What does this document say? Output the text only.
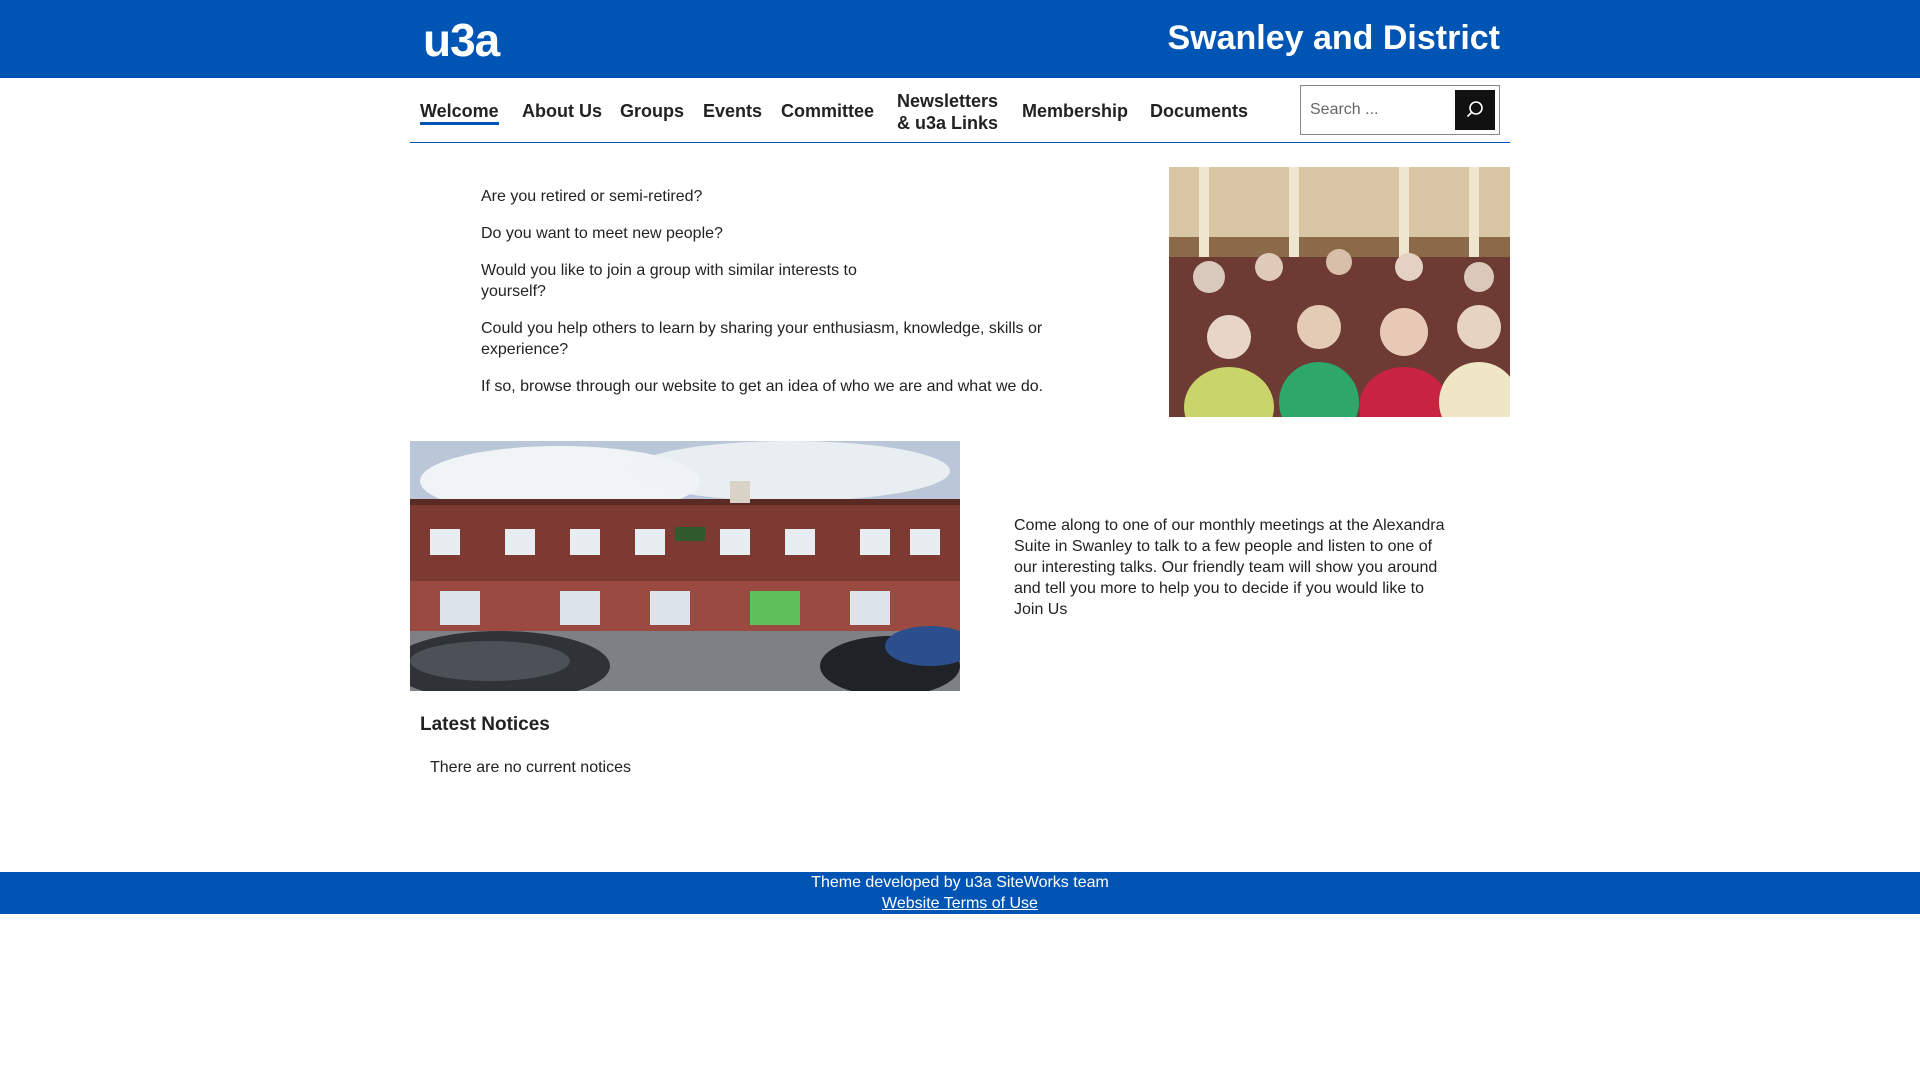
u3a	Swanley and District
Welcome About Us Groups Events Committee Newsletters
& u3a Links
Membership Documents
Search ...

Are you retired or semi-retired?

Do you want to meet new people?

Would you like to join a group with similar interests to yourself?

Could you help others to learn by sharing your enthusiasm, knowledge, skills or experience?

If so, browse through our website to get an idea of who we are and what we do.

Come along to one of our monthly meetings at the Alexandra Suite in Swanley to talk to a few people and listen to one of our interesting talks. Our friendly team will show you around and tell you more to help you to decide if you would like to Join Us
Latest Notices
There are no current notices
Theme developed by u3a SiteWorks team
Website Terms of Use
